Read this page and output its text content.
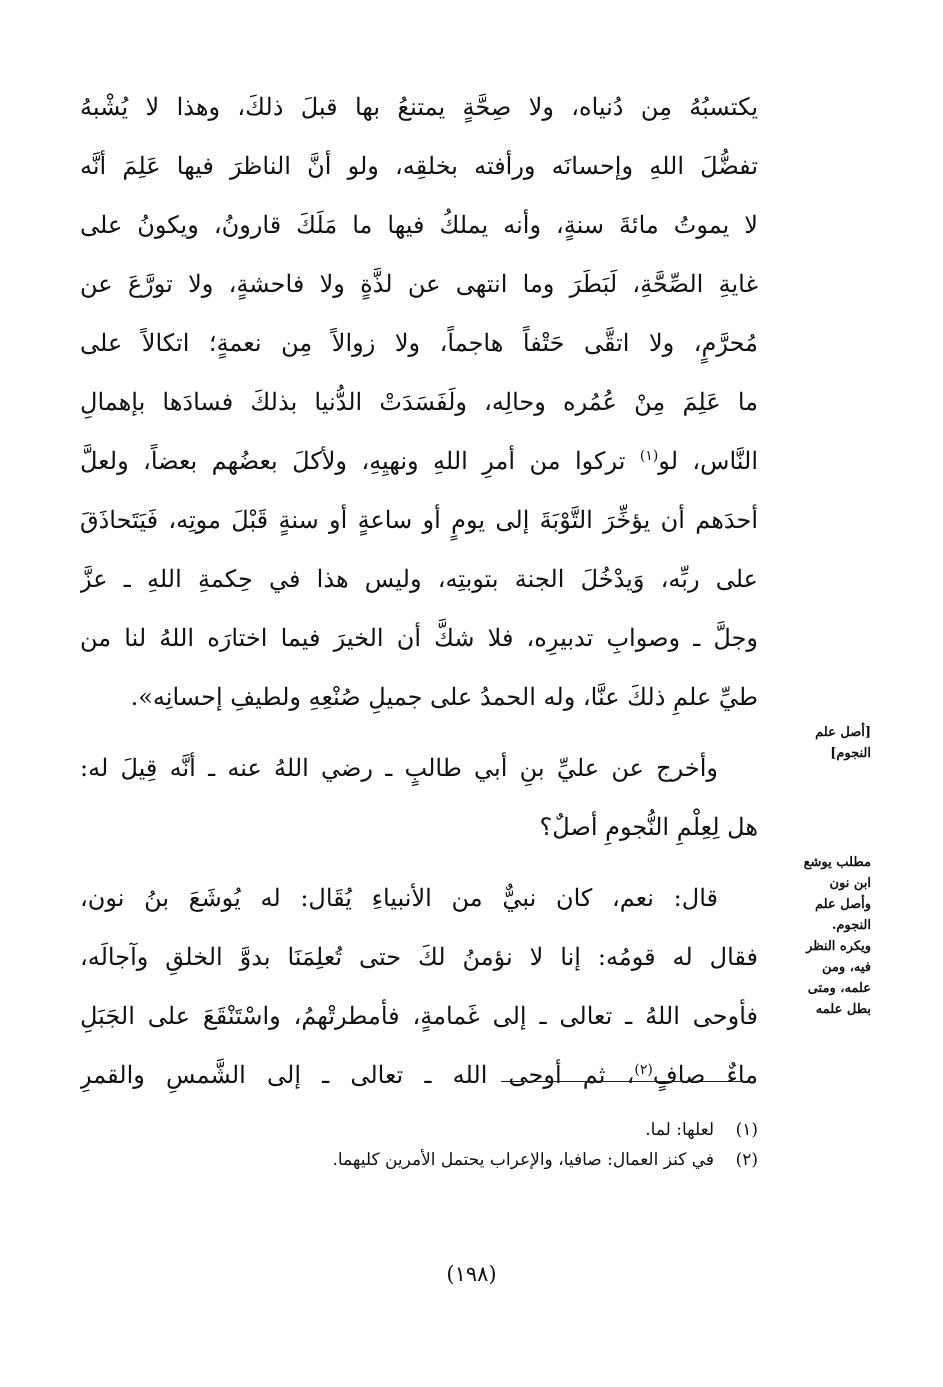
يكتسبُهُ مِن دُنياه، ولا صِحَّةٍ يمتنعُ بها قبلَ ذلكَ، وهذا لا يُشْبهُ
تفضُّلَ اللهِ وإحسانَه ورأفته بخلقِه، ولو أنَّ الناظرَ فيها عَلِمَ أنَّه
لا يموتُ مائةَ سنةٍ، وأنه يملكُ فيها ما مَلَكَ قارونُ، ويكونُ على
غايةِ الصِّحَّةِ، لَبَطَرَ وما انتهى عن لذَّةٍ ولا فاحشةٍ، ولا تورَّعَ عن
مُحرَّمٍ، ولا اتقَّى حَتْفاً هاجماً، ولا زوالاً مِن نعمةٍ؛ اتكالاً على
ما عَلِمَ مِنْ عُمُره وحالِه، ولَفَسَدَتْ الدُّنيا بذلكَ فسادَها بإهمالِ
النَّاس، لو$^{(١)}$ تركوا من أمرِ اللهِ ونهيِهِ، ولأكلَ بعضُهم بعضاً، ولعلَّ
أحدَهم أن يؤخِّرَ التَّوْبَةَ إلى يومٍ أو ساعةٍ أو سنةٍ قَبْلَ موتِه، فَيَتَحاذَقَ
على ربِّه، وَيدْخُلَ الجنة بتوبتِه، وليس هذا في حِكمةِ اللهِ ـ عزَّ
وجلَّ ـ وصوابِ تدبيرِه، فلا شكَّ أن الخيرَ فيما اختارَه اللهُ لنا من
طيِّ علمِ ذلكَ عنَّا، وله الحمدُ على جميلِ صُنْعِهِ ولطيفِ إحسانِه».
وأخرج عن عليِّ بنِ أبي طالبٍ ـ رضي اللهُ عنه ـ أنَّه قِيلَ له:
هل لِعِلْمِ النُّجومِ أصلٌ؟
قال: نعم، كان نبيٌّ من الأنبياءِ يُقَال: له يُوشَعَ بنُ نون،
فقال له قومُه: إنا لا نؤمنُ لكَ حتى تُعلِمَنَا بدوَّ الخلقِ وآجالَه،
فأوحى اللهُ ـ تعالى ـ إلى غَمامةٍ، فأمطرتْهمُ، واسْتَنْقَعَ على الجَبَلِ
ماءٌ صافٍ$^{(٢)}$، ثم أوحى الله ـ تعالى ـ إلى الشَّمسِ والقمرِ
[أصل علم
النجوم]
مطلب يوشع
ابن نون
وأصل علم
النجوم.
ويكره النظر
فيه، ومن
علمه، ومتى
بطل علمه
(١)لعلها: لما.
(٢)في كنز العمال: صافيا، والإعراب يحتمل الأمرين كليهما.
(١٩٨)
